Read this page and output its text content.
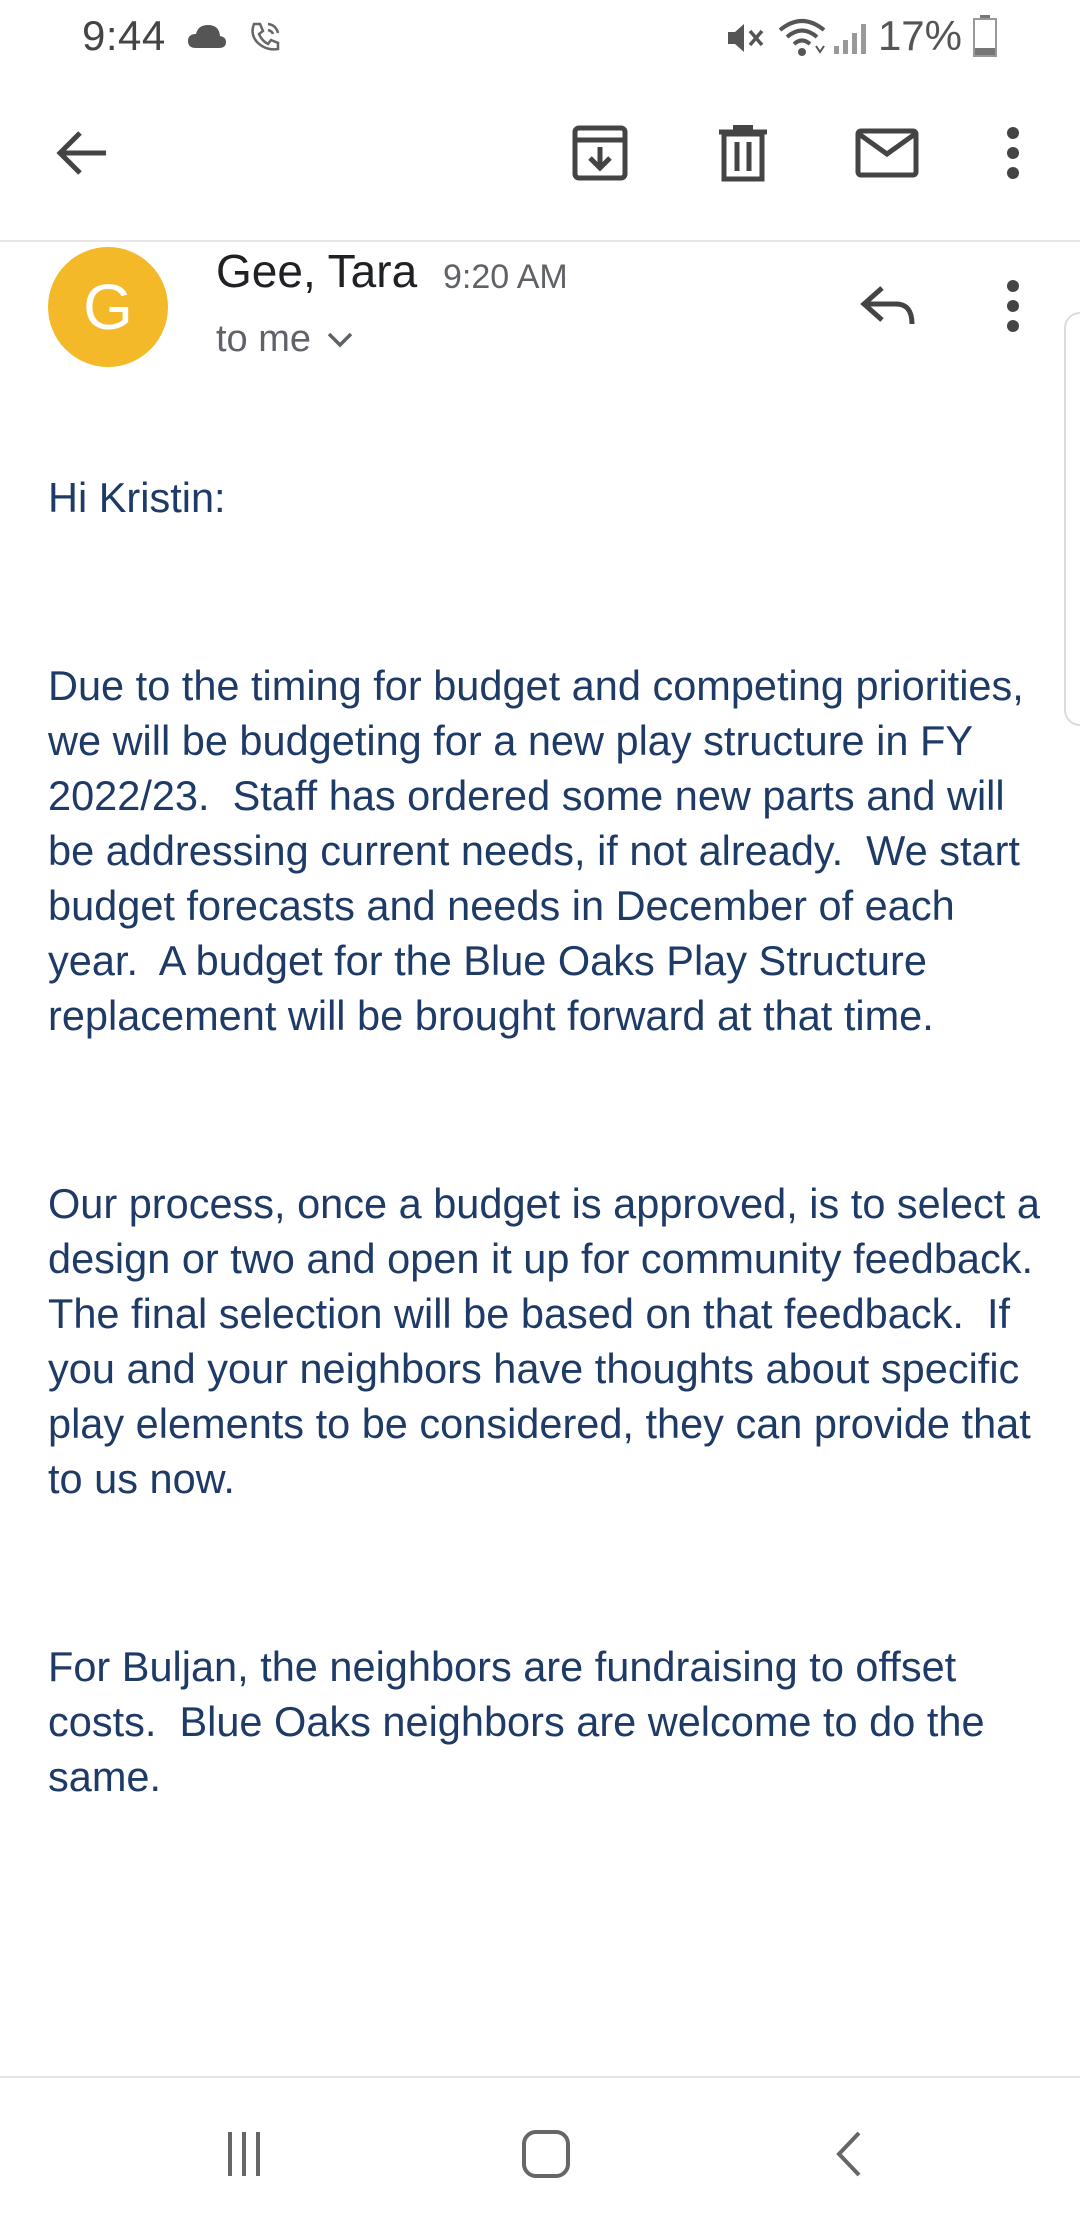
9:44	17%
G	Gee, Tara 9:20 AM
to me

Hi Kristin:

Due to the timing for budget and competing priorities, we will be budgeting for a new play structure in FY 2022/23.  Staff has ordered some new parts and will be addressing current needs, if not already.  We start budget forecasts and needs in December of each year.  A budget for the Blue Oaks Play Structure replacement will be brought forward at that time.

Our process, once a budget is approved, is to select a design or two and open it up for community feedback.  The final selection will be based on that feedback.  If you and your neighbors have thoughts about specific play elements to be considered, they can provide that to us now.

For Buljan, the neighbors are fundraising to offset costs.  Blue Oaks neighbors are welcome to do the same.
